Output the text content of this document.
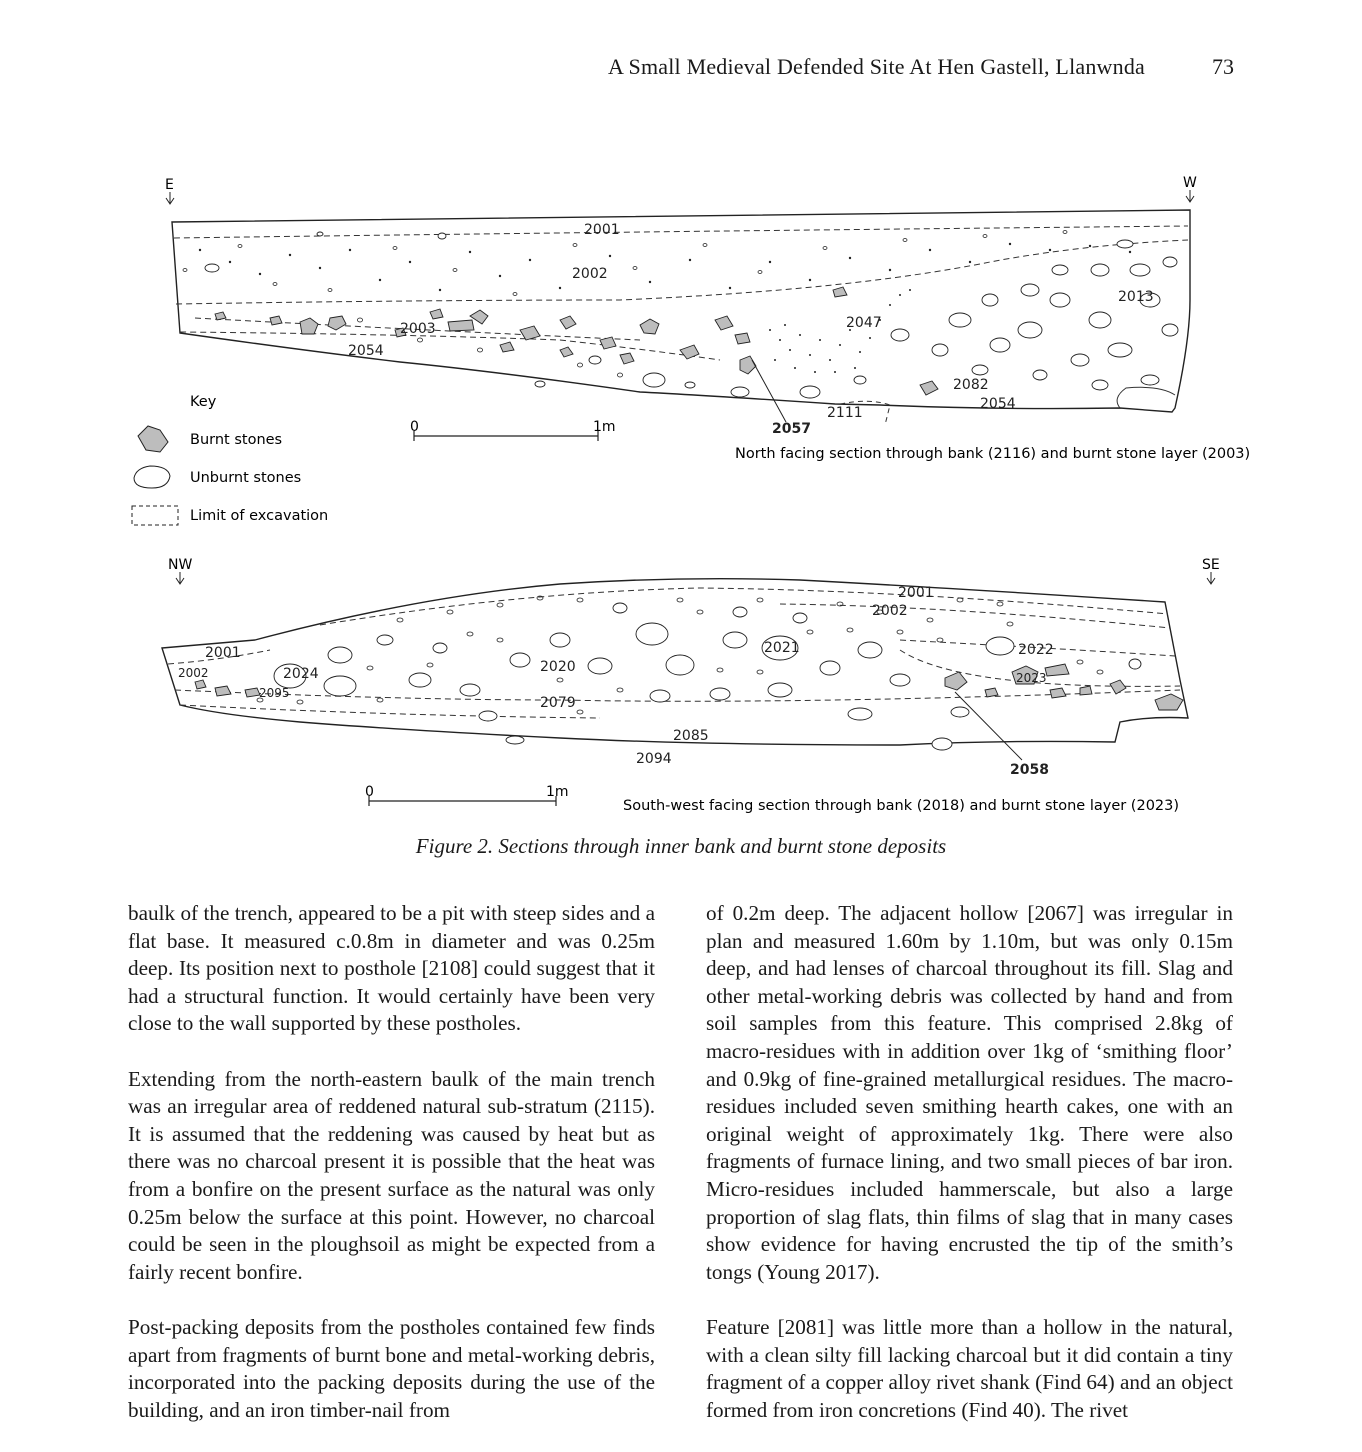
A Small Medieval Defended Site At Hen Gastell, Llanwnda	73
E	W
2001
2002
2003
2054
2047
2013
2082
2054
2111
2057
0	1m
North facing section through bank (2116) and burnt stone layer (2003)
Key
Burnt stones
Unburnt stones
Limit of excavation
NW	SE
2001
2002	2024
2095
2020
2079
2021
2001
2002
2022
2023
2085
2094
2058
0	1m
South-west facing section through bank (2018) and burnt stone layer (2023)
Figure 2. Sections through inner bank and burnt stone deposits

baulk of the trench, appeared to be a pit with steep sides and a flat base. It measured c.0.8m in diameter and was 0.25m deep. Its position next to posthole [2108] could suggest that it had a structural function. It would certainly have been very close to the wall supported by these postholes.

Extending from the north-eastern baulk of the main trench was an irregular area of reddened natural sub-stratum (2115). It is assumed that the reddening was caused by heat but as there was no charcoal present it is possible that the heat was from a bonfire on the present surface as the natural was only 0.25m below the surface at this point. However, no charcoal could be seen in the ploughsoil as might be expected from a fairly recent bonfire.

Post-packing deposits from the postholes contained few finds apart from fragments of burnt bone and metal-working debris, incorporated into the packing deposits during the use of the building, and an iron timber-nail from

of 0.2m deep. The adjacent hollow [2067] was irregular in plan and measured 1.60m by 1.10m, but was only 0.15m deep, and had lenses of charcoal throughout its fill. Slag and other metal-working debris was collected by hand and from soil samples from this feature. This comprised 2.8kg of macro-residues with in addition over 1kg of ‘smithing floor’ and 0.9kg of fine-grained metallurgical residues. The macro-residues included seven smithing hearth cakes, one with an original weight of approximately 1kg. There were also fragments of furnace lining, and two small pieces of bar iron. Micro-residues included hammerscale, but also a large proportion of slag flats, thin films of slag that in many cases show evidence for having encrusted the tip of the smith’s tongs (Young 2017).

Feature [2081] was little more than a hollow in the natural, with a clean silty fill lacking charcoal but it did contain a tiny fragment of a copper alloy rivet shank (Find 64) and an object formed from iron concretions (Find 40). The rivet
